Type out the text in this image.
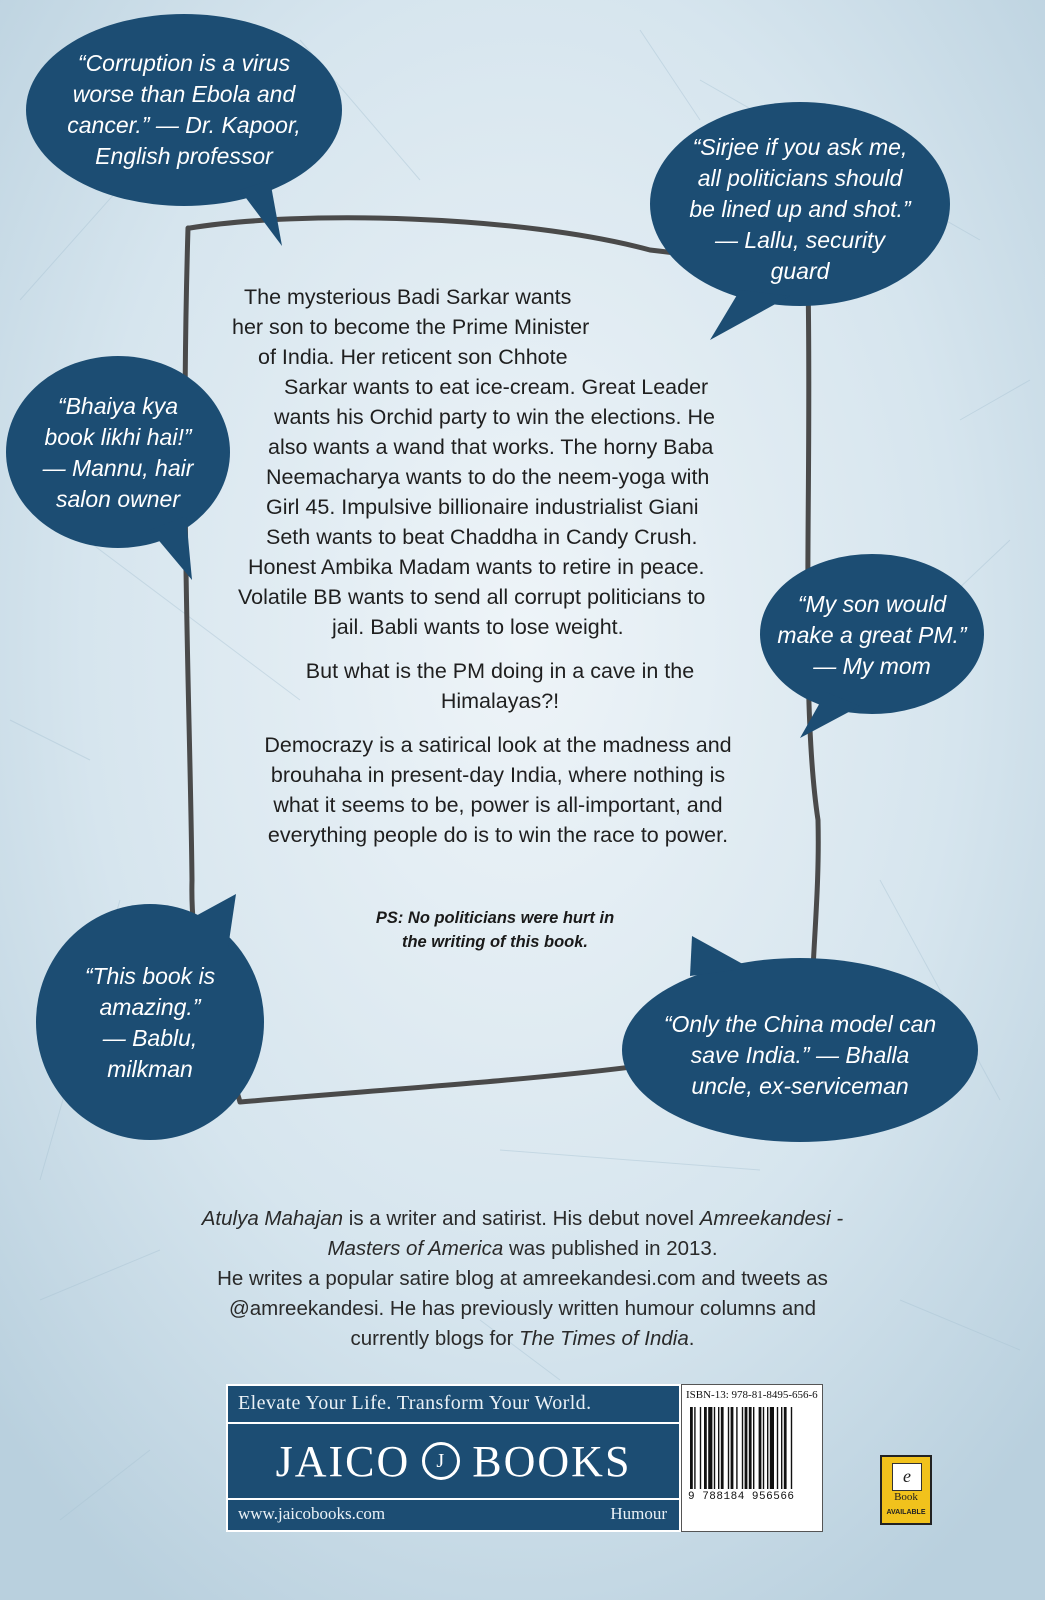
“Corruption is a virus
worse than Ebola and
cancer.” — Dr. Kapoor,
English professor	“Sirjee if you ask me,
all politicians should
be lined up and shot.”
— Lallu, security
guard
“Bhaiya kya
book likhi hai!”
— Mannu, hair
salon owner
“My son would
make a great PM.”
— My mom
“This book is
amazing.”
— Bablu,
milkman
“Only the China model can
save India.” — Bhalla
uncle, ex-serviceman
The mysterious Badi Sarkar wants
her son to become the Prime Minister
of India. Her reticent son Chhote
Sarkar wants to eat ice-cream. Great Leader
wants his Orchid party to win the elections. He
also wants a wand that works. The horny Baba
Neemacharya wants to do the neem-yoga with
Girl 45. Impulsive billionaire industrialist Giani
Seth wants to beat Chaddha in Candy Crush.
Honest Ambika Madam wants to retire in peace.
Volatile BB wants to send all corrupt politicians to
jail. Babli wants to lose weight.
But what is the PM doing in a cave in the
Himalayas?!
Democrazy is a satirical look at the madness and
brouhaha in present-day India, where nothing is
what it seems to be, power is all-important, and
everything people do is to win the race to power.
PS: No politicians were hurt in
the writing of this book.
Atulya Mahajan is a writer and satirist. His debut novel Amreekandesi -
Masters of America was published in 2013.
He writes a popular satire blog at amreekandesi.com and tweets as
@amreekandesi. He has previously written humour columns and
currently blogs for The Times of India.
Elevate Your Life. Transform Your World.
JAICO	J BOOKS
www.jaicobooks.com	Humour
ISBN-13: 978-81-8495-656-6
9 788184 956566
e
Book
AVAILABLE
